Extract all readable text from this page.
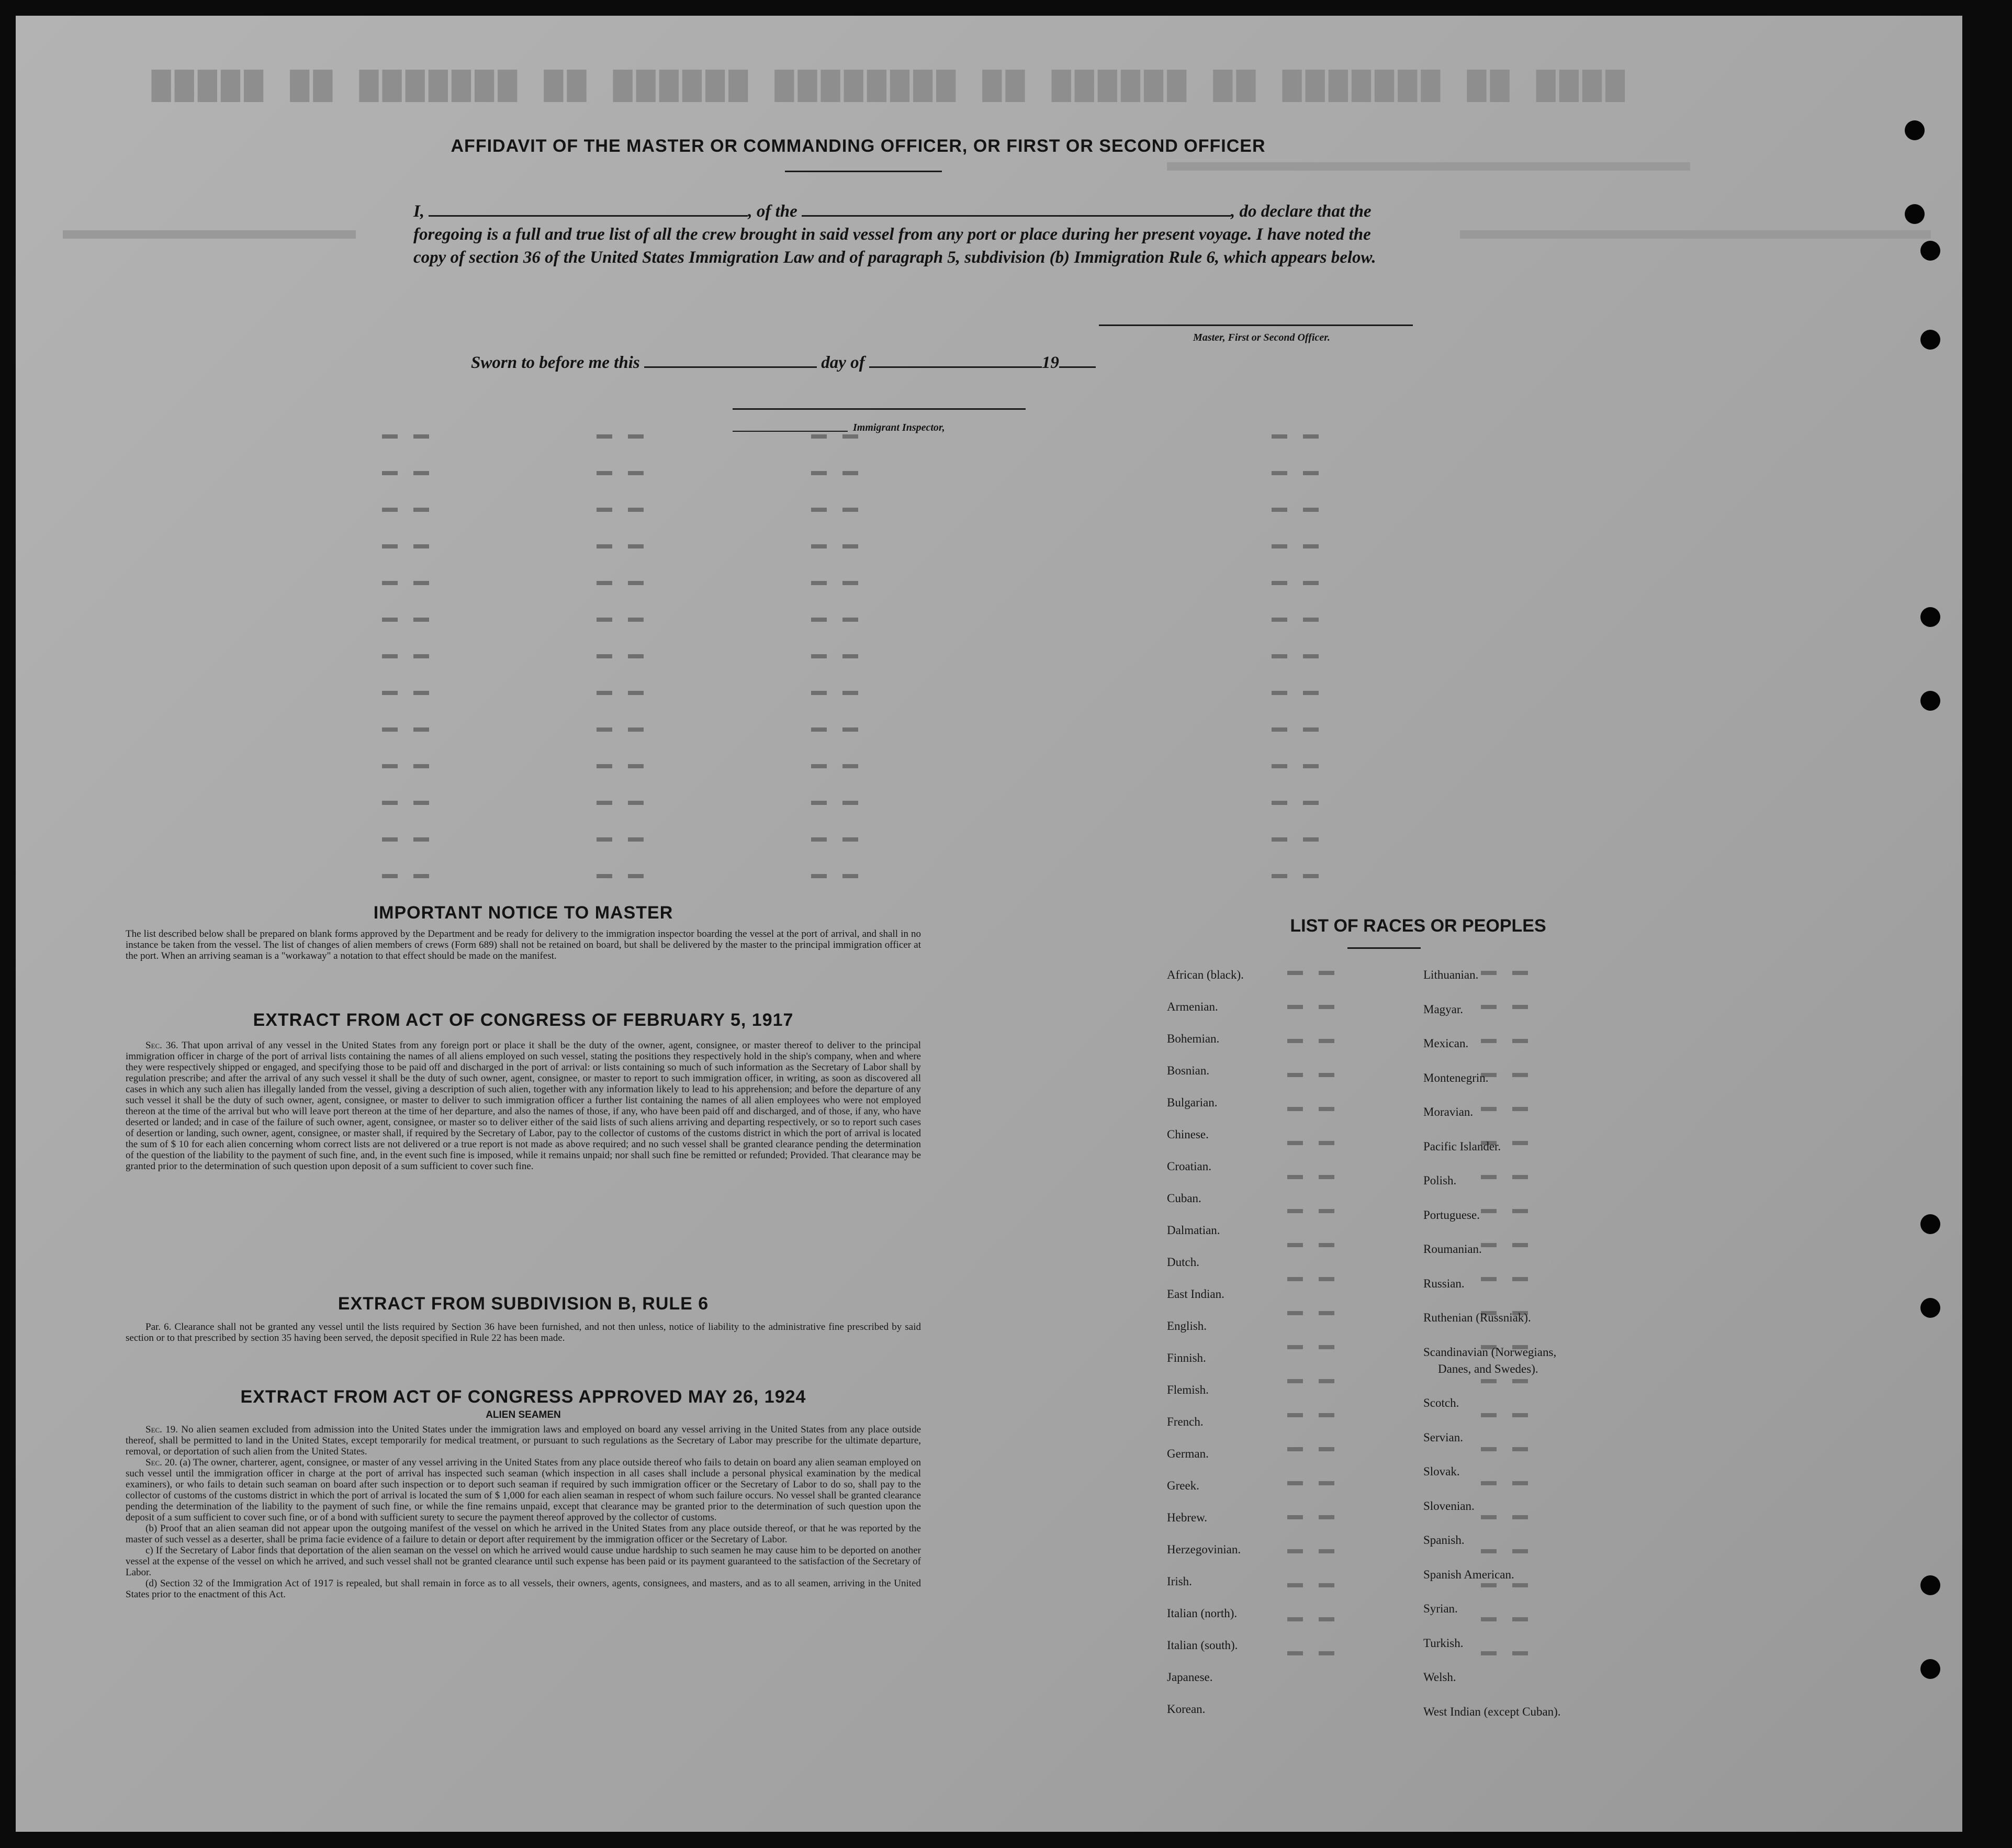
▇▇▇▇▇ ▇▇ ▇▇▇▇▇▇▇ ▇▇ ▇▇▇▇▇▇ ▇▇▇▇▇▇▇▇ ▇▇ ▇▇▇▇▇▇ ▇▇ ▇▇▇▇▇▇▇ ▇▇ ▇▇▇▇
AFFIDAVIT OF THE MASTER OR COMMANDING OFFICER, OR FIRST OR SECOND OFFICER
I,	, of the	, do declare that the foregoing is a full and true list of all the crew brought in said vessel from any port or place during her present voyage. I have noted the copy of section 36 of the United States Immigration Law and of paragraph 5, subdivision (b) Immigration Rule 6, which appears below.
Master, First or Second Officer.
Sworn to before me this	day of	19
Immigrant Inspector,
IMPORTANT NOTICE TO MASTER

The list described below shall be prepared on blank forms approved by the Department and be ready for delivery to the immigration inspector boarding the vessel at the port of arrival, and shall in no instance be taken from the vessel. The list of changes of alien members of crews (Form 689) shall not be retained on board, but shall be delivered by the master to the principal immigration officer at the port. When an arriving seaman is a "workaway" a notation to that effect should be made on the manifest.

EXTRACT FROM ACT OF CONGRESS OF FEBRUARY 5, 1917

Sec. 36. That upon arrival of any vessel in the United States from any foreign port or place it shall be the duty of the owner, agent, consignee, or master thereof to deliver to the principal immigration officer in charge of the port of arrival lists containing the names of all aliens employed on such vessel, stating the positions they respectively hold in the ship's company, when and where they were respectively shipped or engaged, and specifying those to be paid off and discharged in the port of arrival: or lists containing so much of such information as the Secretary of Labor shall by regulation prescribe; and after the arrival of any such vessel it shall be the duty of such owner, agent, consignee, or master to report to such immigration officer, in writing, as soon as discovered all cases in which any such alien has illegally landed from the vessel, giving a description of such alien, together with any information likely to lead to his apprehension; and before the departure of any such vessel it shall be the duty of such owner, agent, consignee, or master to deliver to such immigration officer a further list containing the names of all alien employees who were not employed thereon at the time of the arrival but who will leave port thereon at the time of her departure, and also the names of those, if any, who have been paid off and discharged, and of those, if any, who have deserted or landed; and in case of the failure of such owner, agent, consignee, or master so to deliver either of the said lists of such aliens arriving and departing respectively, or so to report such cases of desertion or landing, such owner, agent, consignee, or master shall, if required by the Secretary of Labor, pay to the collector of customs of the customs district in which the port of arrival is located the sum of $ 10 for each alien concerning whom correct lists are not delivered or a true report is not made as above required; and no such vessel shall be granted clearance pending the determination of the question of the liability to the payment of such fine, and, in the event such fine is imposed, while it remains unpaid; nor shall such fine be remitted or refunded; Provided. That clearance may be granted prior to the determination of such question upon deposit of a sum sufficient to cover such fine.

EXTRACT FROM SUBDIVISION B, RULE 6

Par. 6. Clearance shall not be granted any vessel until the lists required by Section 36 have been furnished, and not then unless, notice of liability to the administrative fine prescribed by said section or to that prescribed by section 35 having been served, the deposit specified in Rule 22 has been made.

EXTRACT FROM ACT OF CONGRESS APPROVED MAY 26, 1924
ALIEN SEAMEN

Sec. 19. No alien seamen excluded from admission into the United States under the immigration laws and employed on board any vessel arriving in the United States from any place outside thereof, shall be permitted to land in the United States, except temporarily for medical treatment, or pursuant to such regulations as the Secretary of Labor may prescribe for the ultimate departure, removal, or deportation of such alien from the United States.

Sec. 20. (a) The owner, charterer, agent, consignee, or master of any vessel arriving in the United States from any place outside thereof who fails to detain on board any alien seaman employed on such vessel until the immigration officer in charge at the port of arrival has inspected such seaman (which inspection in all cases shall include a personal physical examination by the medical examiners), or who fails to detain such seaman on board after such inspection or to deport such seaman if required by such immigration officer or the Secretary of Labor to do so, shall pay to the collector of customs of the customs district in which the port of arrival is located the sum of $ 1,000 for each alien seaman in respect of whom such failure occurs. No vessel shall be granted clearance pending the determination of the liability to the payment of such fine, or while the fine remains unpaid, except that clearance may be granted prior to the determination of such question upon the deposit of a sum sufficient to cover such fine, or of a bond with sufficient surety to secure the payment thereof approved by the collector of customs.

(b) Proof that an alien seaman did not appear upon the outgoing manifest of the vessel on which he arrived in the United States from any place outside thereof, or that he was reported by the master of such vessel as a deserter, shall be prima facie evidence of a failure to detain or deport after requirement by the immigration officer or the Secretary of Labor.

c) If the Secretary of Labor finds that deportation of the alien seaman on the vessel on which he arrived would cause undue hardship to such seamen he may cause him to be deported on another vessel at the expense of the vessel on which he arrived, and such vessel shall not be granted clearance until such expense has been paid or its payment guaranteed to the satisfaction of the Secretary of Labor.

(d) Section 32 of the Immigration Act of 1917 is repealed, but shall remain in force as to all vessels, their owners, agents, consignees, and masters, and as to all seamen, arriving in the United States prior to the enactment of this Act.

LIST OF RACES OR PEOPLES
African (black).
Armenian.
Bohemian.
Bosnian.
Bulgarian.
Chinese.
Croatian.
Cuban.
Dalmatian.
Dutch.
East Indian.
English.
Finnish.
Flemish.
French.
German.
Greek.
Hebrew.
Herzegovinian.
Irish.
Italian (north).
Italian (south).
Japanese.
Korean.
Lithuanian.
Magyar.
Mexican.
Montenegrin.
Moravian.
Pacific Islander.
Polish.
Portuguese.
Roumanian.
Russian.
Ruthenian (Russniak).
Scandinavian (Norwegians,
Danes, and Swedes).
Scotch.
Servian.
Slovak.
Slovenian.
Spanish.
Spanish American.
Syrian.
Turkish.
Welsh.
West Indian (except Cuban).
